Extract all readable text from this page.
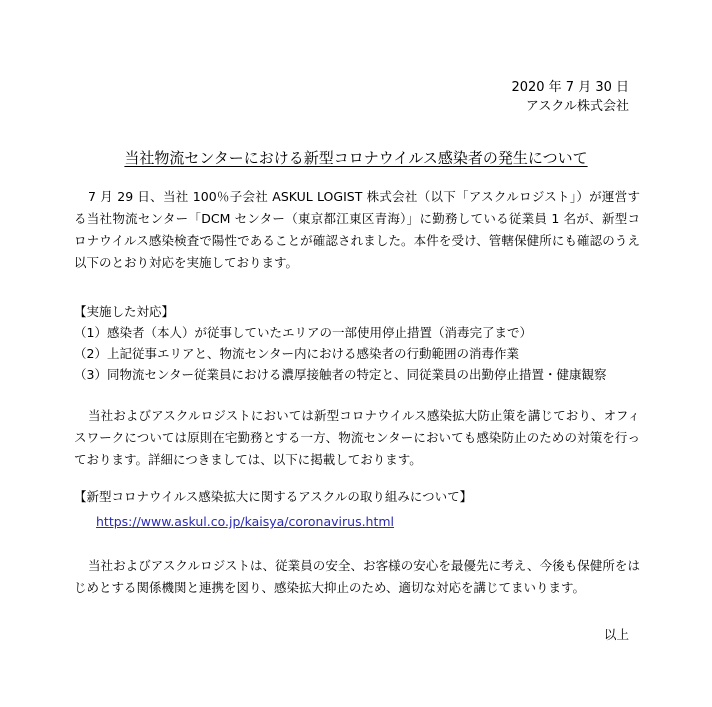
2020 年 7 月 30 日
アスクル株式会社
当社物流センターにおける新型コロナウイルス感染者の発生について

7 月 29 日、当社 100％子会社 ASKUL LOGIST 株式会社（以下「アスクルロジスト」）が運営する当社物流センター「DCM センター（東京都江東区青海）」に勤務している従業員 1 名が、新型コロナウイルス感染検査で陽性であることが確認されました。本件を受け、管轄保健所にも確認のうえ以下のとおり対応を実施しております。

【実施した対応】
（1）感染者（本人）が従事していたエリアの一部使用停止措置（消毒完了まで）
（2）上記従事エリアと、物流センター内における感染者の行動範囲の消毒作業
（3）同物流センター従業員における濃厚接触者の特定と、同従業員の出勤停止措置・健康観察

当社およびアスクルロジストにおいては新型コロナウイルス感染拡大防止策を講じており、オフィスワークについては原則在宅勤務とする一方、物流センターにおいても感染防止のための対策を行っております。詳細につきましては、以下に掲載しております。

【新型コロナウイルス感染拡大に関するアスクルの取り組みについて】
https://www.askul.co.jp/kaisya/coronavirus.html

当社およびアスクルロジストは、従業員の安全、お客様の安心を最優先に考え、今後も保健所をはじめとする関係機関と連携を図り、感染拡大抑止のため、適切な対応を講じてまいります。

以上
